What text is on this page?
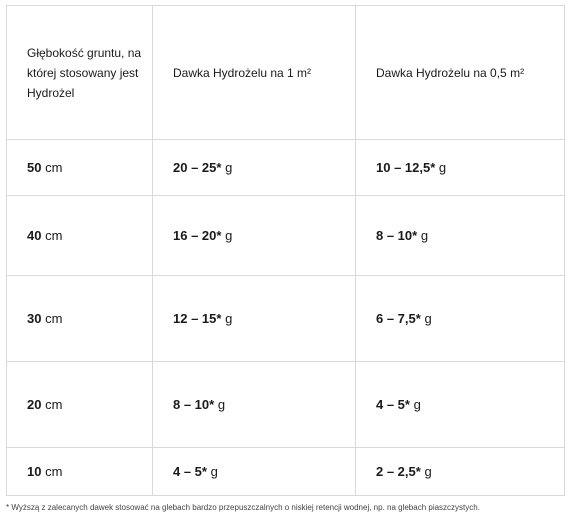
Głębokość gruntu, na której stosowany jest Hydrożel	Dawka Hydrożelu na 1 m²	Dawka Hydrożelu na 0,5 m²
50 cm	20 – 25* g	10 – 12,5* g
40 cm	16 – 20* g	8 – 10* g
30 cm	12 – 15* g	6 – 7,5* g
20 cm	8 – 10* g	4 – 5* g
10 cm	4 – 5* g	2 – 2,5* g
* Wyższą z zalecanych dawek stosować na glebach bardzo przepuszczalnych o niskiej retencji wodnej, np. na glebach piaszczystych.
